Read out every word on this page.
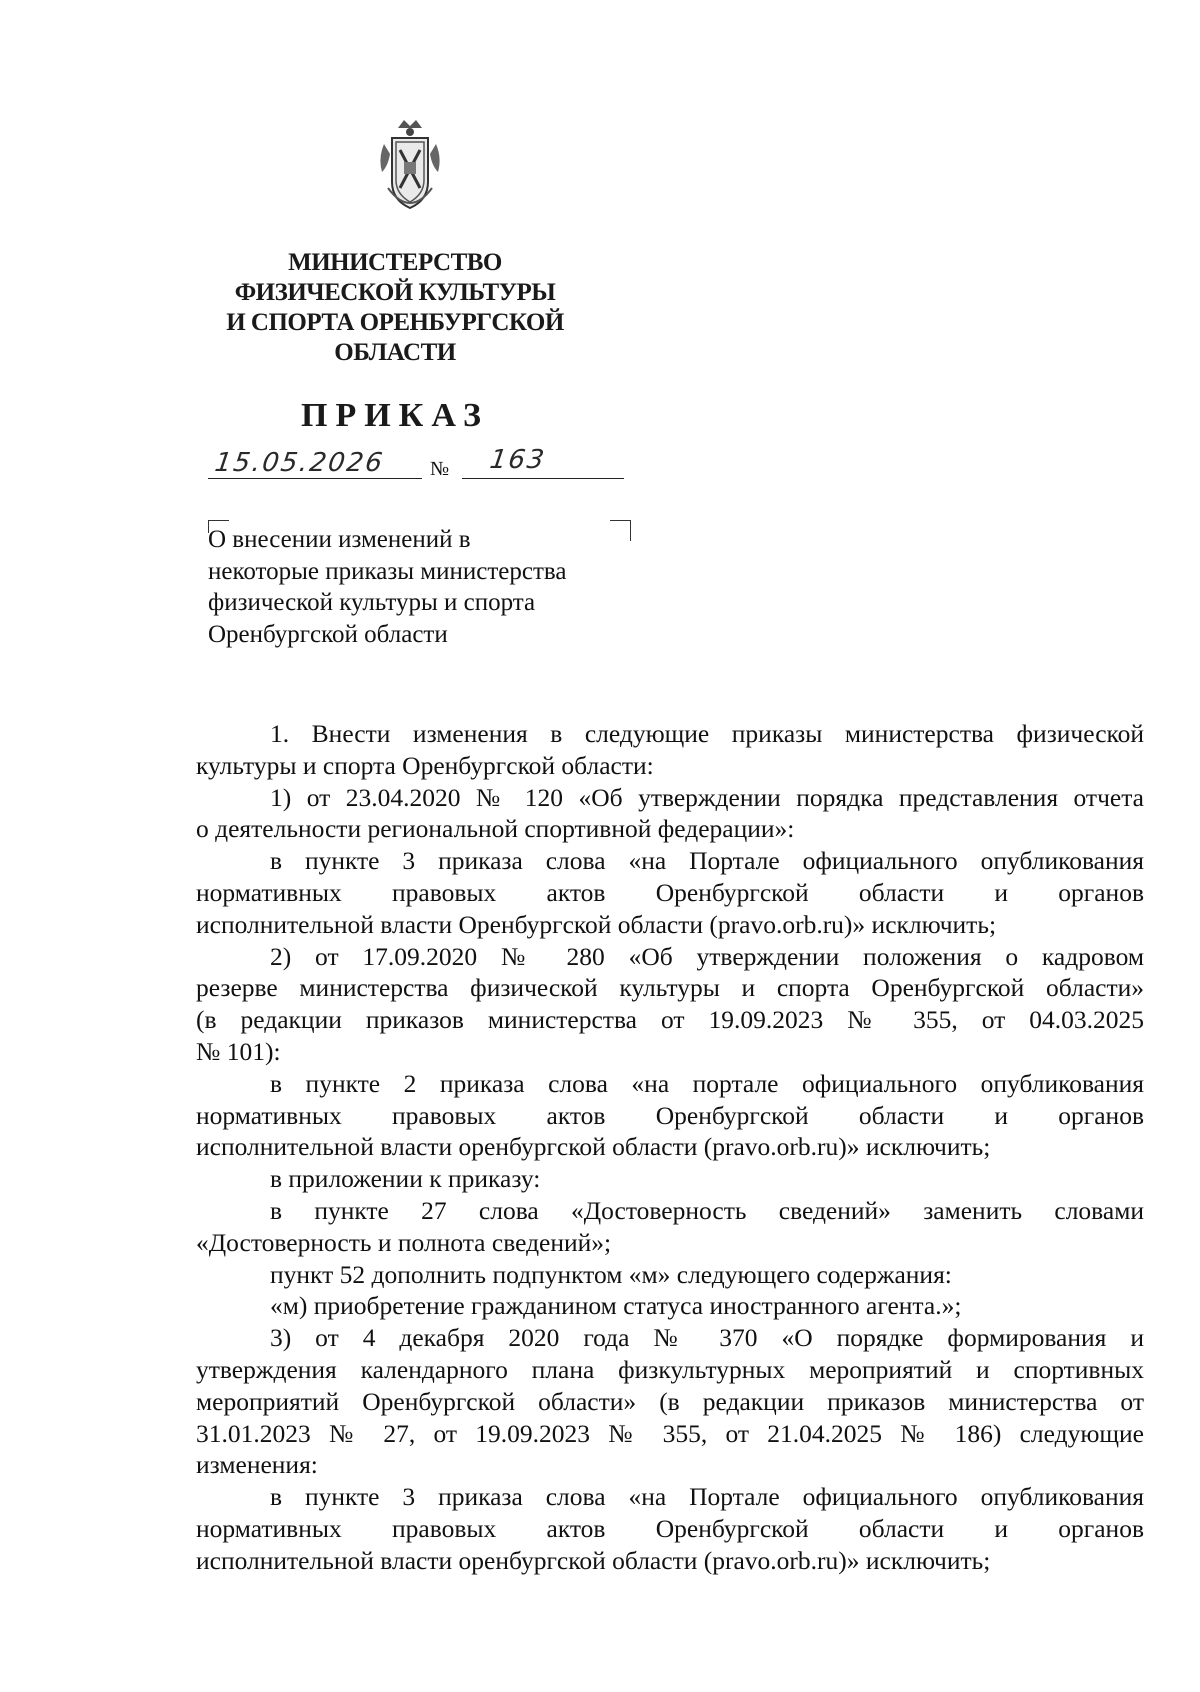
МИНИСТЕРСТВО
ФИЗИЧЕСКОЙ КУЛЬТУРЫ
И СПОРТА ОРЕНБУРГСКОЙ
ОБЛАСТИ
ПРИКАЗ
15.05.2026 № 163
О внесении изменений в
некоторые приказы министерства
физической культуры и спорта
Оренбургской области
1. Внести изменения в следующие приказы министерства физической
культуры и спорта Оренбургской области:
1) от 23.04.2020 № 120 «Об утверждении порядка представления отчета
о деятельности региональной спортивной федерации»:
в пункте 3 приказа слова «на Портале официального опубликования
нормативных правовых актов Оренбургской области и органов
исполнительной власти Оренбургской области (pravo.orb.ru)» исключить;
2) от 17.09.2020 № 280 «Об утверждении положения о кадровом
резерве министерства физической культуры и спорта Оренбургской области»
(в редакции приказов министерства от 19.09.2023 № 355, от 04.03.2025
№ 101):
в пункте 2 приказа слова «на портале официального опубликования
нормативных правовых актов Оренбургской области и органов
исполнительной власти оренбургской области (pravo.orb.ru)» исключить;
в приложении к приказу:
в пункте 27 слова «Достоверность сведений» заменить словами
«Достоверность и полнота сведений»;
пункт 52 дополнить подпунктом «м» следующего содержания:
«м) приобретение гражданином статуса иностранного агента.»;
3) от 4 декабря 2020 года № 370 «О порядке формирования и
утверждения календарного плана физкультурных мероприятий и спортивных
мероприятий Оренбургской области» (в редакции приказов министерства от
31.01.2023 № 27, от 19.09.2023 № 355, от 21.04.2025 № 186) следующие
изменения:
в пункте 3 приказа слова «на Портале официального опубликования
нормативных правовых актов Оренбургской области и органов
исполнительной власти оренбургской области (pravo.orb.ru)» исключить;
